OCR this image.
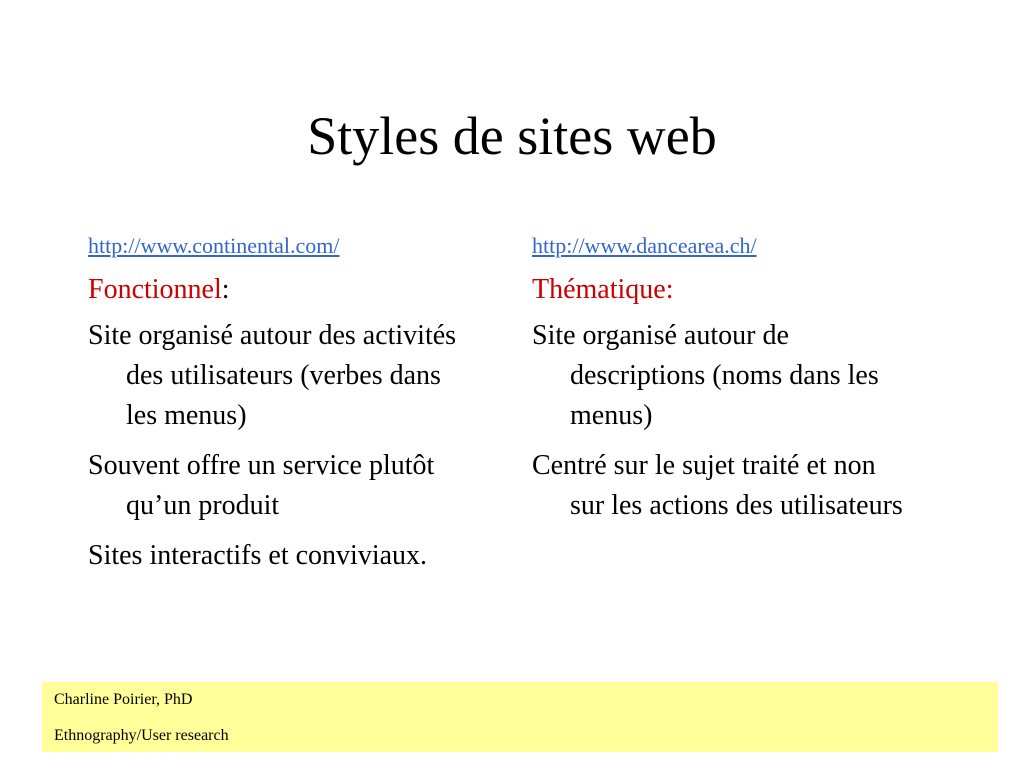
Styles de sites web
http://www.continental.com/
Fonctionnel:
Site organisé autour des activités des utilisateurs (verbes dans les menus)
Souvent offre un service plutôt qu’un produit
Sites interactifs et conviviaux.
http://www.dancearea.ch/
Thématique:
Site organisé autour de descriptions (noms dans les menus)
Centré sur le sujet traité et non sur les actions des utilisateurs
Charline Poirier, PhD
Ethnography/User research
